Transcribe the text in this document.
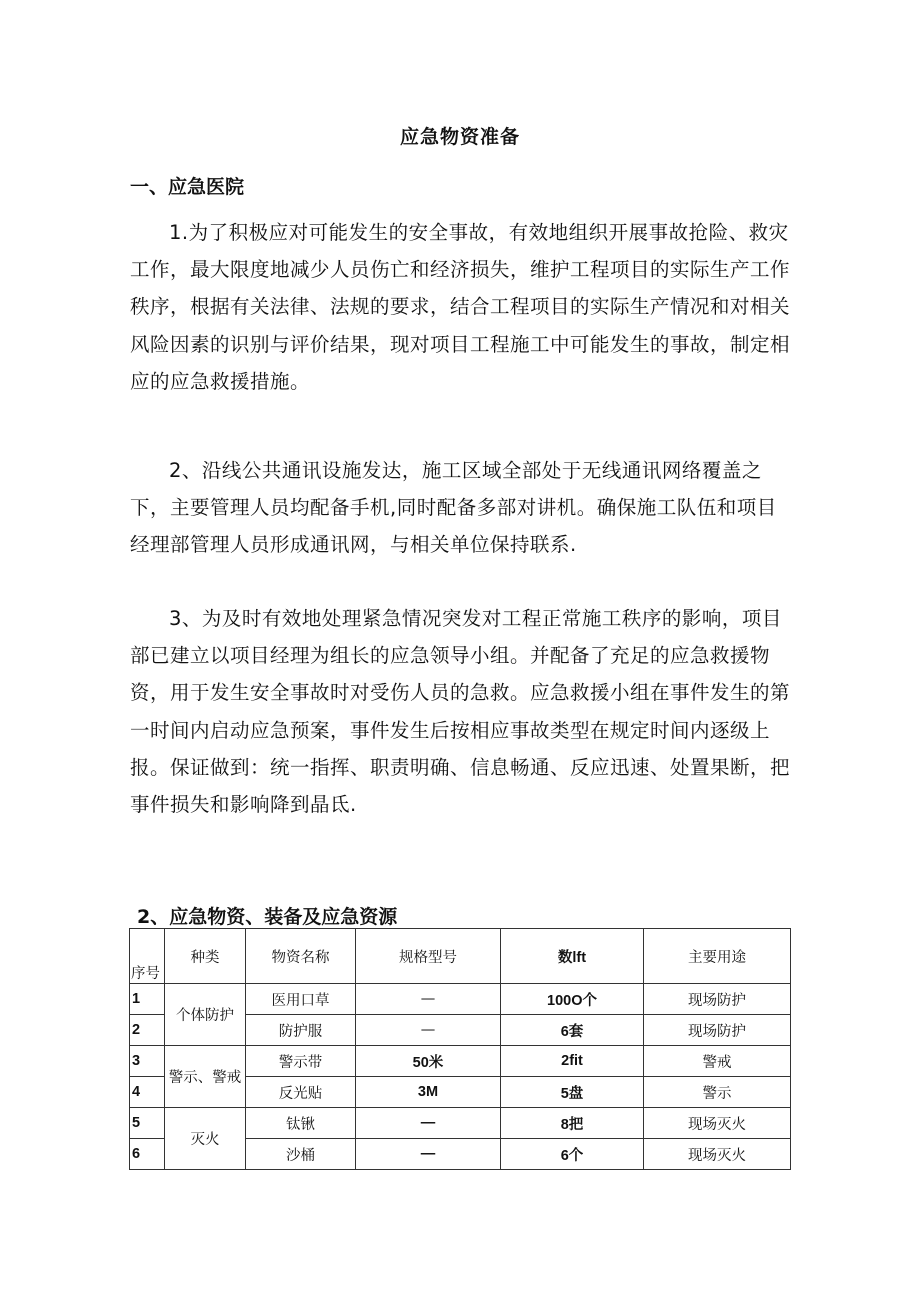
应急物资准备
一、应急医院
1.为了积极应对可能发生的安全事故，有效地组织开展事故抢险、救灾工作，最大限度地减少人员伤亡和经济损失，维护工程项目的实际生产工作秩序，根据有关法律、法规的要求，结合工程项目的实际生产情况和对相关风险因素的识别与评价结果，现对项目工程施工中可能发生的事故，制定相应的应急救援措施。
2、沿线公共通讯设施发达，施工区域全部处于无线通讯网络覆盖之下，主要管理人员均配备手机,同时配备多部对讲机。确保施工队伍和项目经理部管理人员形成通讯网，与相关单位保持联系.
3、为及时有效地处理紧急情况突发对工程正常施工秩序的影响，项目部已建立以项目经理为组长的应急领导小组。并配备了充足的应急救援物资，用于发生安全事故时对受伤人员的急救。应急救援小组在事件发生的第一时间内启动应急预案，事件发生后按相应事故类型在规定时间内逐级上报。保证做到：统一指挥、职责明确、信息畅通、反应迅速、处置果断，把事件损失和影响降到晶氐.
2、应急物资、装备及应急资源
序号	种类	物资名称	规格型号	数lft	主要用途
1	个体防护	医用口草	—	100O个	现场防护
2		防护服	—	6套	现场防护
3	警示、警戒	警示带	50米	2fit	警戒
4		反光贴	3M	5盘	警示
5	灭火	钛锹	—	8把	现场灭火
6		沙桶	—	6个	现场灭火
